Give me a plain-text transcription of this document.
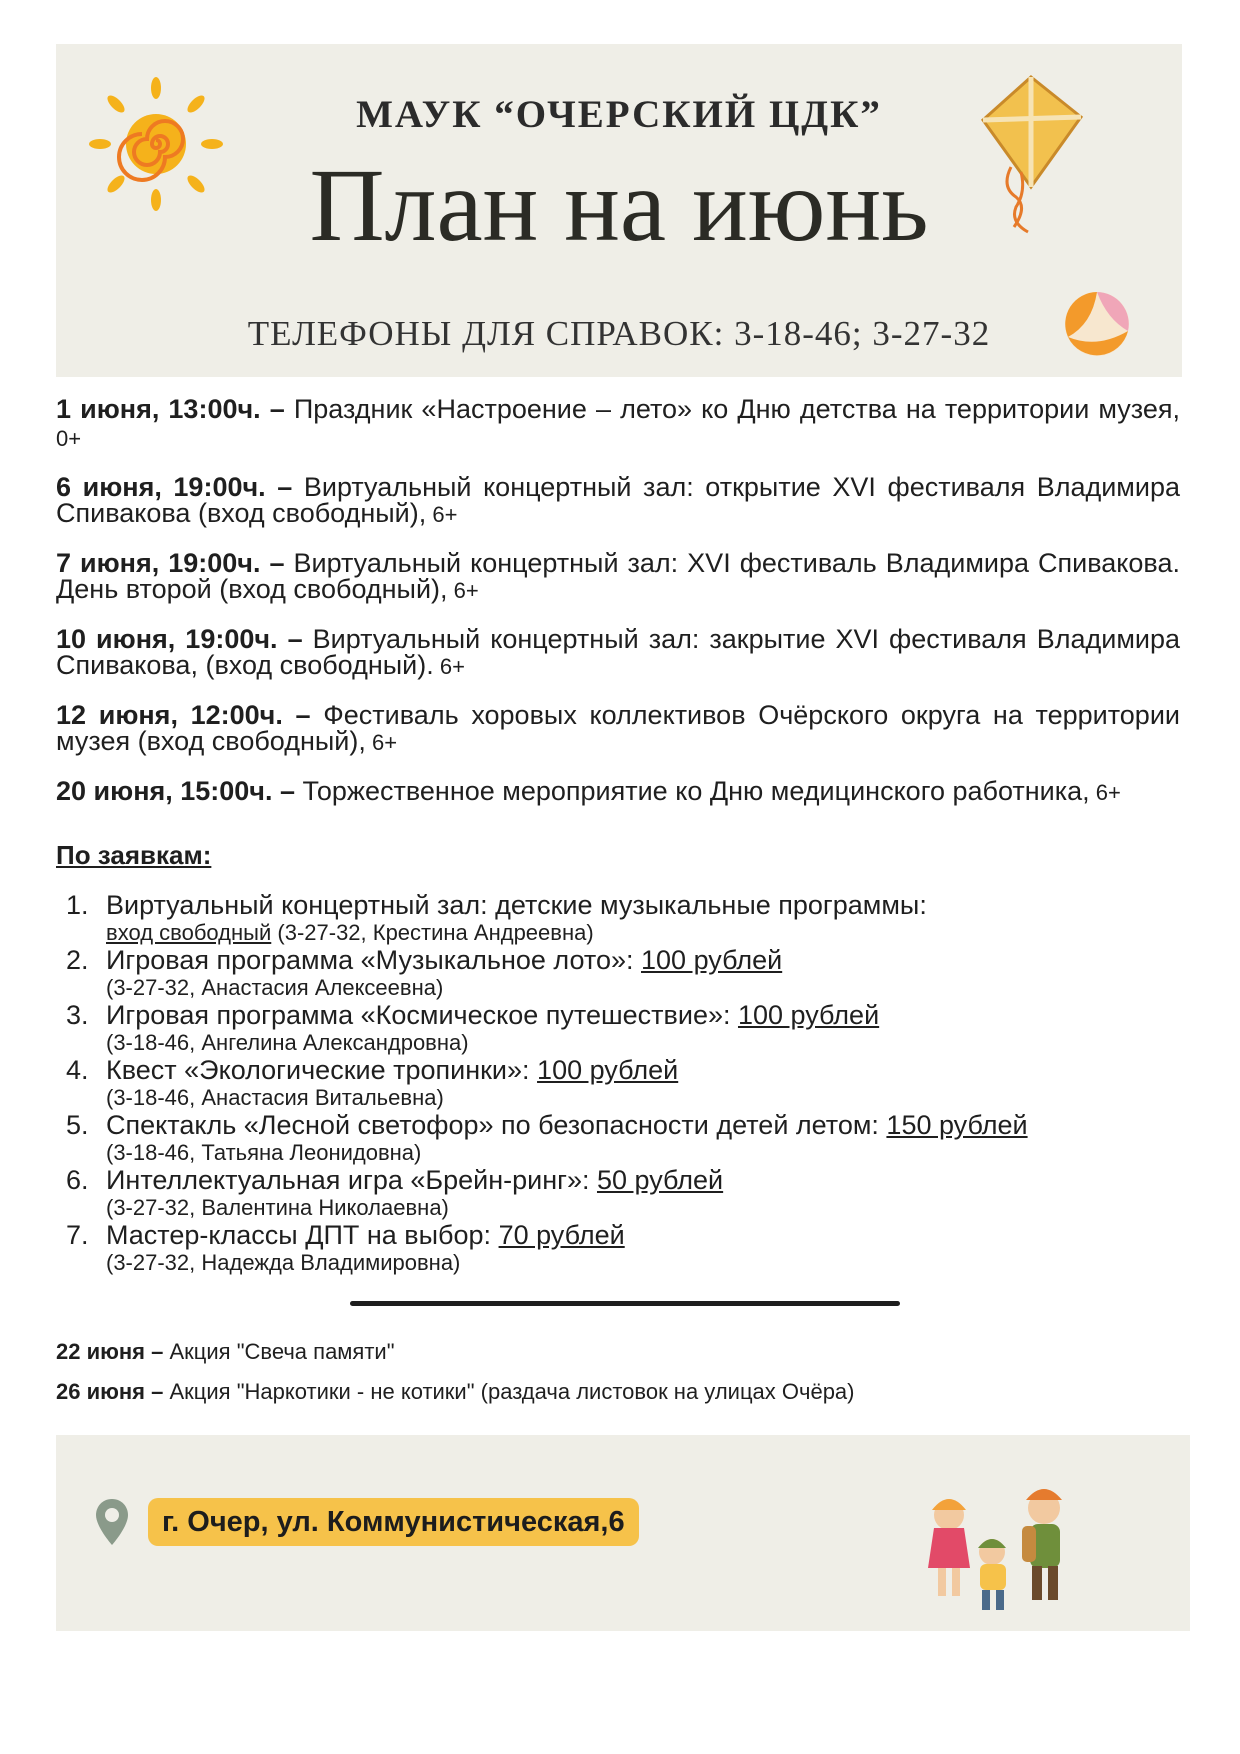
МАУК “ОЧЕРСКИЙ ЦДК”
План на июнь
ТЕЛЕФОНЫ ДЛЯ СПРАВОК: 3-18-46; 3-27-32
1 июня, 13:00ч. – Праздник «Настроение – лето» ко Дню детства на территории музея, 0+
6 июня, 19:00ч. – Виртуальный концертный зал: открытие XVI фестиваля Владимира Спивакова (вход свободный), 6+
7 июня, 19:00ч. – Виртуальный концертный зал: XVI фестиваль Владимира Спивакова. День второй (вход свободный), 6+
10 июня, 19:00ч. – Виртуальный концертный зал: закрытие XVI фестиваля Владимира Спивакова, (вход свободный). 6+
12 июня, 12:00ч. – Фестиваль хоровых коллективов Очёрского округа на территории музея (вход свободный), 6+
20 июня, 15:00ч. – Торжественное мероприятие ко Дню медицинского работника, 6+
По заявкам:
1. Виртуальный концертный зал: детские музыкальные программы:
вход свободный (3-27-32, Крестина Андреевна)
2. Игровая программа «Музыкальное лото»: 100 рублей
(3-27-32, Анастасия Алексеевна)
3. Игровая программа «Космическое путешествие»: 100 рублей
(3-18-46, Ангелина Александровна)
4. Квест «Экологические тропинки»: 100 рублей
(3-18-46, Анастасия Витальевна)
5. Спектакль «Лесной светофор» по безопасности детей летом: 150 рублей
(3-18-46, Татьяна Леонидовна)
6. Интеллектуальная игра «Брейн-ринг»: 50 рублей
(3-27-32, Валентина Николаевна)
7. Мастер-классы ДПТ на выбор: 70 рублей
(3-27-32, Надежда Владимировна)
22 июня – Акция "Свеча памяти"
26 июня – Акция "Наркотики - не котики" (раздача листовок на улицах Очёра)
г. Очер, ул. Коммунистическая,6
